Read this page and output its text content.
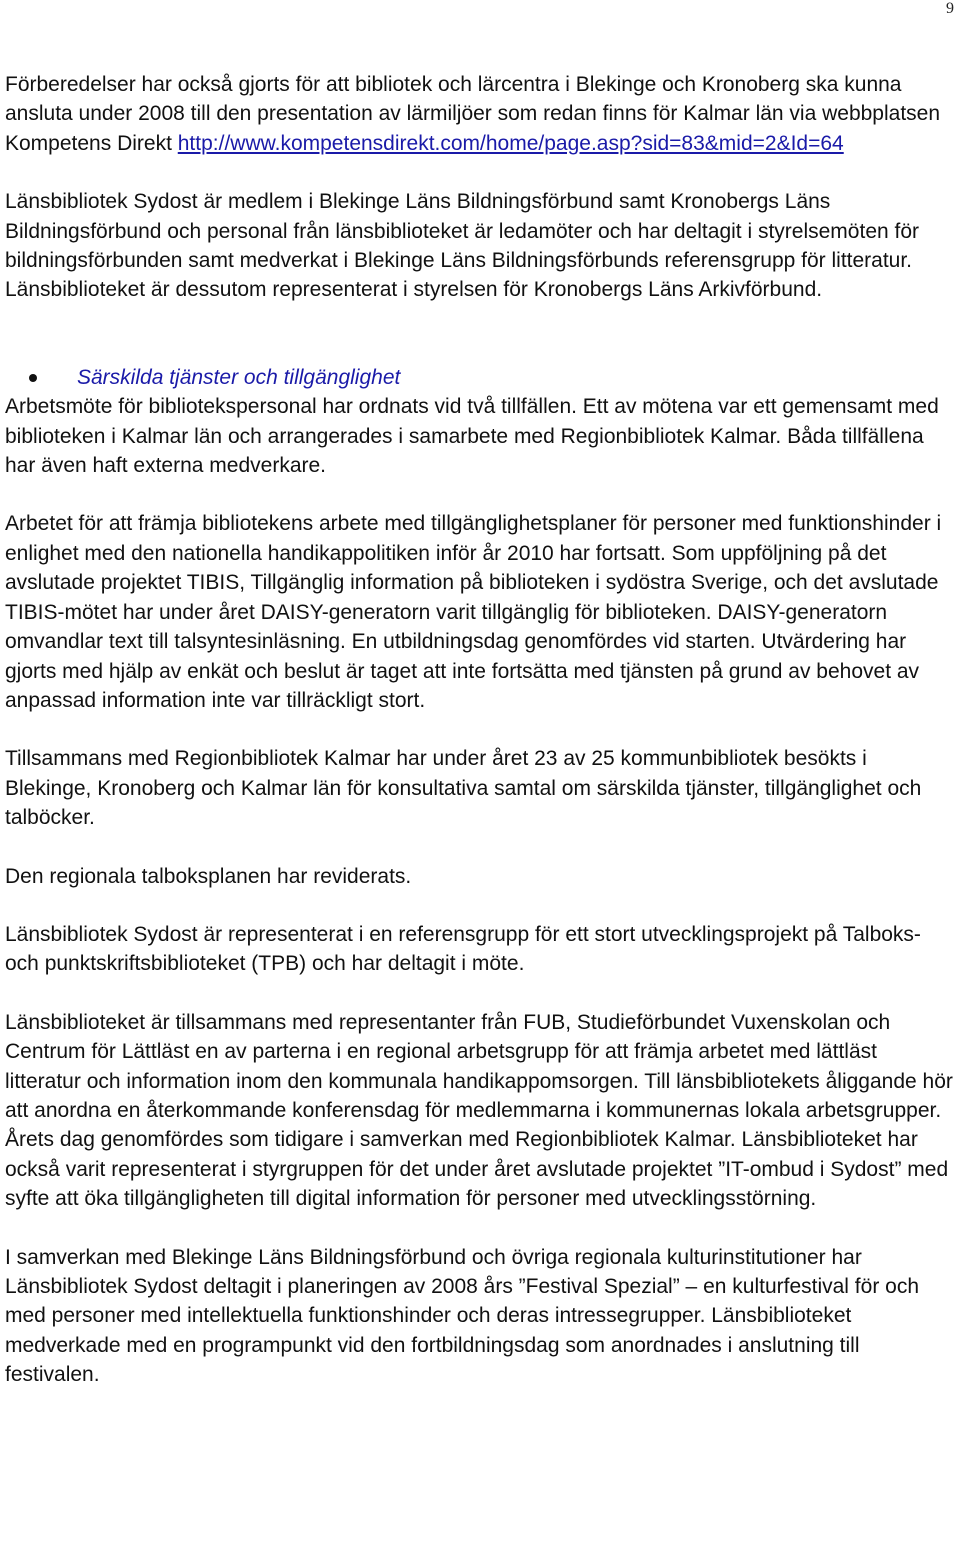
9

Förberedelser har också gjorts för att bibliotek och lärcentra i Blekinge och Kronoberg ska kunna ansluta under 2008 till den presentation av lärmiljöer som redan finns för Kalmar län via webbplatsen Kompetens Direkt http://www.kompetensdirekt.com/home/page.asp?sid=83&mid=2&Id=64

Länsbibliotek Sydost är medlem i Blekinge Läns Bildningsförbund samt Kronobergs Läns Bildningsförbund och personal från länsbiblioteket är ledamöter och har deltagit i styrelsemöten för bildningsförbunden samt medverkat i Blekinge Läns Bildningsförbunds referensgrupp för litteratur. Länsbiblioteket är dessutom representerat i styrelsen för Kronobergs Läns Arkivförbund.

Särskilda tjänster och tillgänglighet

Arbetsmöte för bibliotekspersonal har ordnats vid två tillfällen. Ett av mötena var ett gemensamt med biblioteken i Kalmar län och arrangerades i samarbete med Regionbibliotek Kalmar. Båda tillfällena har även haft externa medverkare.

Arbetet för att främja bibliotekens arbete med tillgänglighetsplaner för personer med funktionshinder i enlighet med den nationella handikappolitiken inför år 2010 har fortsatt. Som uppföljning på det avslutade projektet TIBIS, Tillgänglig information på biblioteken i sydöstra Sverige, och det avslutade TIBIS-mötet har under året DAISY-generatorn varit tillgänglig för biblioteken. DAISY-generatorn omvandlar text till talsyntesinläsning. En utbildningsdag genomfördes vid starten. Utvärdering har gjorts med hjälp av enkät och beslut är taget att inte fortsätta med tjänsten på grund av behovet av anpassad information inte var tillräckligt stort.

Tillsammans med Regionbibliotek Kalmar har under året 23 av 25 kommunbibliotek besökts i Blekinge, Kronoberg och Kalmar län för konsultativa samtal om särskilda tjänster, tillgänglighet och talböcker.

Den regionala talboksplanen har reviderats.

Länsbibliotek Sydost är representerat i en referensgrupp för ett stort utvecklingsprojekt på Talboks- och punktskriftsbiblioteket (TPB) och har deltagit i möte.

Länsbiblioteket är tillsammans med representanter från FUB, Studieförbundet Vuxenskolan och Centrum för Lättläst en av parterna i en regional arbetsgrupp för att främja arbetet med lättläst litteratur och information inom den kommunala handikappomsorgen. Till länsbibliotekets åliggande hör att anordna en återkommande konferensdag för medlemmarna i kommunernas lokala arbetsgrupper. Årets dag genomfördes som tidigare i samverkan med Regionbibliotek Kalmar. Länsbiblioteket har också varit representerat i styrgruppen för det under året avslutade projektet ”IT-ombud i Sydost” med syfte att öka tillgängligheten till digital information för personer med utvecklingsstörning.

I samverkan med Blekinge Läns Bildningsförbund och övriga regionala kulturinstitutioner har Länsbibliotek Sydost deltagit i planeringen av 2008 års ”Festival Spezial” – en kulturfestival för och med personer med intellektuella funktionshinder och deras intressegrupper. Länsbiblioteket medverkade med en programpunkt vid den fortbildningsdag som anordnades i anslutning till festivalen.
